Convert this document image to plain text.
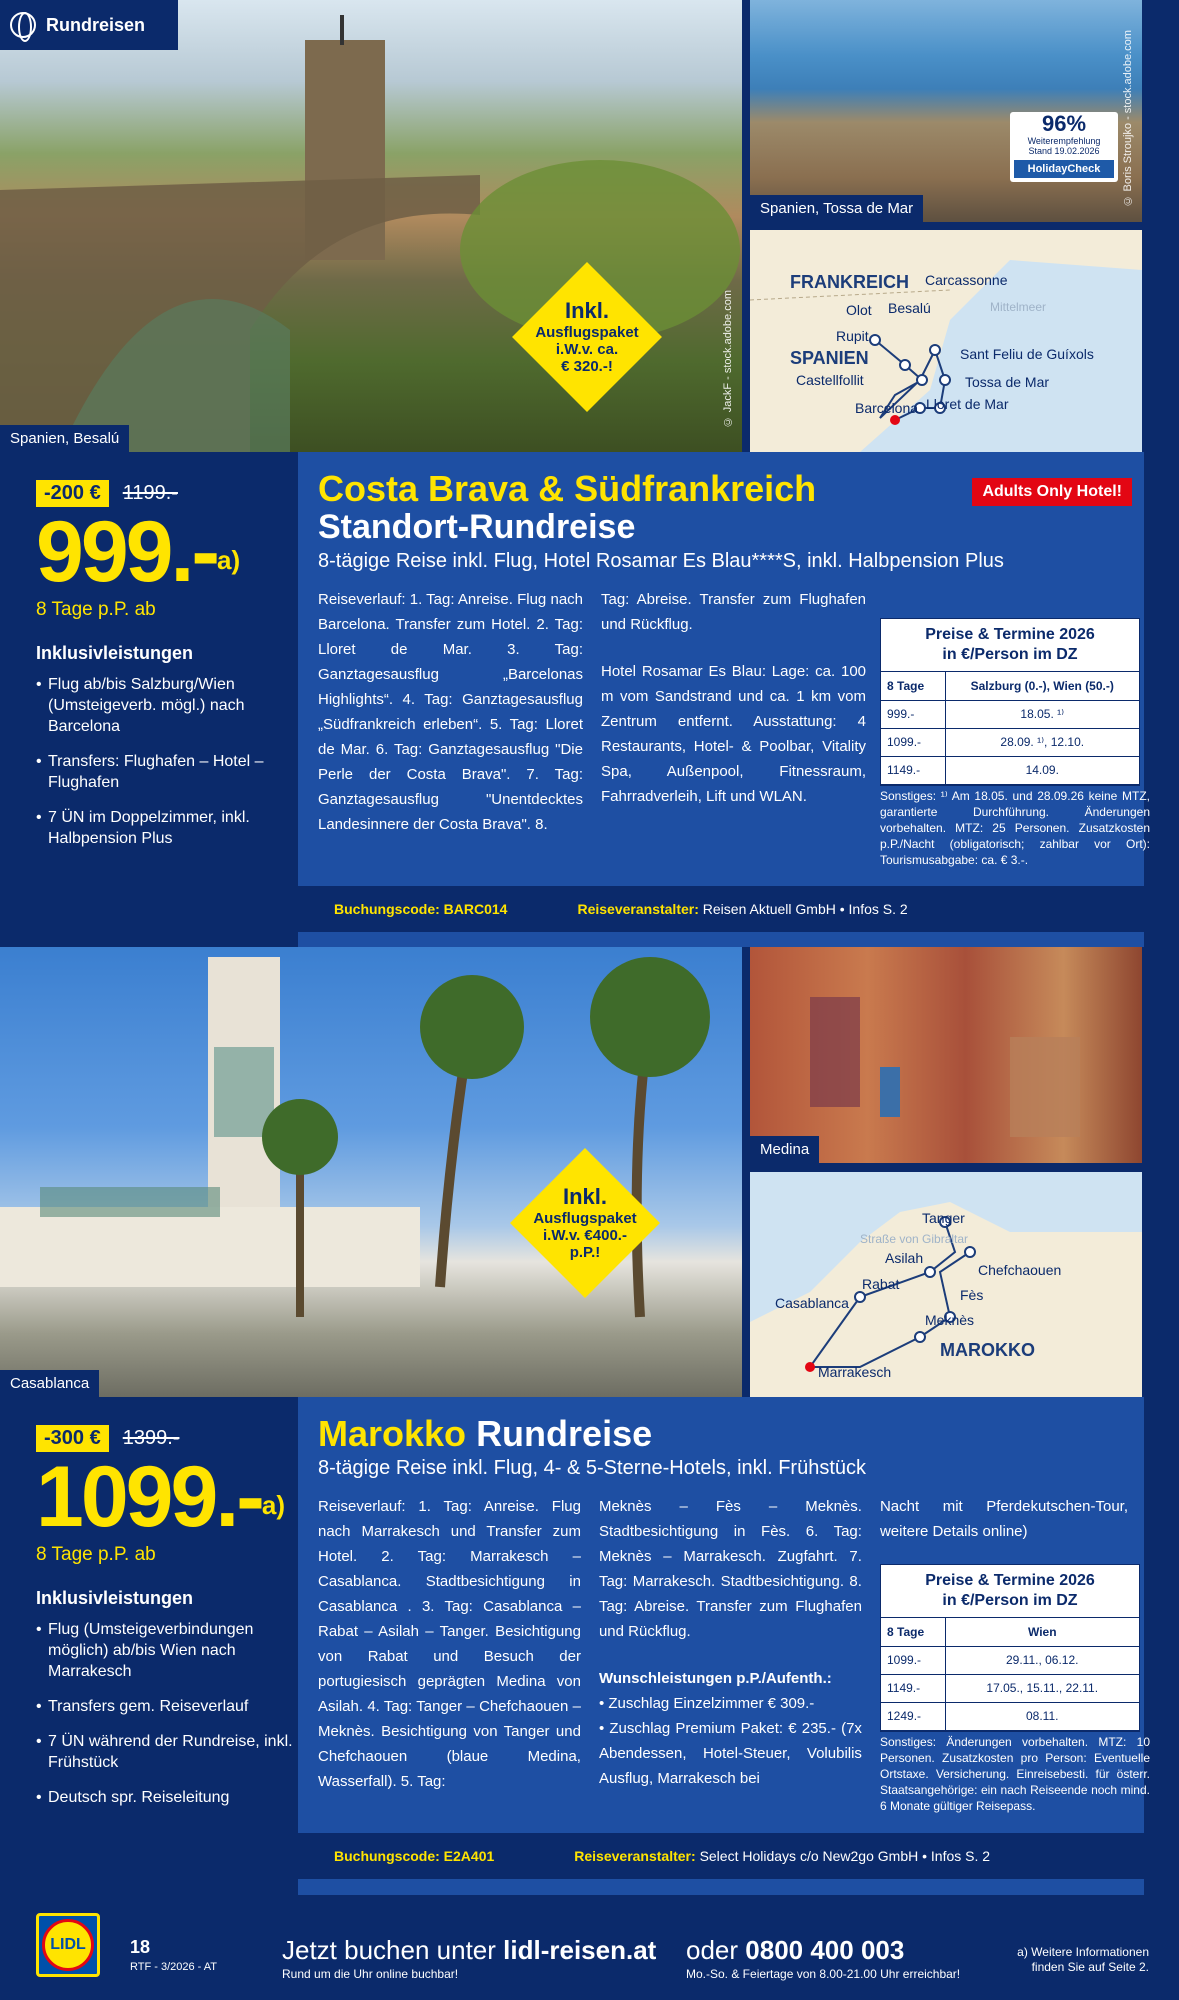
Spanien, Besalú
© JackF - stock.adobe.com
Rundreisen
Inkl.
Ausflugspaket
i.W.v. ca.
€ 320.-!
Spanien, Tossa de Mar
© Boris Stroujko - stock.adobe.com
96%
Weiterempfehlung
Stand 19.02.2026
HolidayCheck
FRANKREICH
SPANIEN
Mittelmeer
Carcassonne
Olot Besalú
Rupit
Castellfollit
Sant Feliu de Guíxols
Tossa de Mar
Barcelona Lloret de Mar
-200 €	1199.-
999.-$^{a)}$
8 Tage p.P. ab
Inklusivleistungen
• Flug ab/bis Salzburg/Wien (Umsteigeverb. mögl.) nach Barcelona
• Transfers: Flughafen – Hotel – Flughafen
• 7 ÜN im Doppelzimmer, inkl. Halbpension Plus
Costa Brava & Südfrankreich
Standort-Rundreise
8-tägige Reise inkl. Flug, Hotel Rosamar Es Blau****S, inkl. Halbpension Plus
Adults Only Hotel!
Reiseverlauf: 1. Tag: Anreise. Flug nach Barcelona. Transfer zum Hotel. 2. Tag: Lloret de Mar. 3. Tag: Ganztagesausflug „Barcelonas Highlights“. 4. Tag: Ganztagesausflug „Südfrankreich erleben“. 5. Tag: Lloret de Mar. 6. Tag: Ganztagesausflug "Die Perle der Costa Brava". 7. Tag: Ganztagesausflug "Unentdecktes Landesinnere der Costa Brava". 8.
Tag: Abreise. Transfer zum Flughafen und Rückflug.
Hotel Rosamar Es Blau: Lage: ca. 100 m vom Sandstrand und ca. 1 km vom Zentrum entfernt. Ausstattung: 4 Restaurants, Hotel- & Poolbar, Vitality Spa, Außenpool, Fitnessraum, Fahrradverleih, Lift und WLAN.
Preise & Termine 2026
in €/Person im DZ
8 Tage	Salzburg (0.-), Wien (50.-)
999.-	18.05. ¹⁾
1099.-	28.09. ¹⁾, 12.10.
1149.-	14.09.
Sonstiges: ¹⁾ Am 18.05. und 28.09.26 keine MTZ, garantierte Durchführung. Änderungen vorbehalten. MTZ: 25 Personen. Zusatzkosten p.P./Nacht (obligatorisch; zahlbar vor Ort): Tourismusabgabe: ca. € 3.-.
Buchungscode:
BARC014	Reiseveranstalter:
Reisen Aktuell GmbH • Infos S. 2
Casablanca
Inkl.
Ausflugspaket
i.W.v. €400.-
p.P.!
Medina
Straße von Gibraltar
MAROKKO
Tanger
Asilah
Chefchaouen
Rabat
Fès
Casablanca
Meknès
Marrakesch
-300 €	1399.-
1099.-$^{a)}$
8 Tage p.P. ab
Inklusivleistungen
• Flug (Umsteigeverbindungen möglich) ab/bis Wien nach Marrakesch
• Transfers gem. Reiseverlauf
• 7 ÜN während der Rundreise, inkl. Frühstück
• Deutsch spr. Reiseleitung
Marokko Rundreise
8-tägige Reise inkl. Flug, 4- & 5-Sterne-Hotels, inkl. Frühstück
Reiseverlauf: 1. Tag: Anreise. Flug nach Marrakesch und Transfer zum Hotel. 2. Tag: Marrakesch – Casablanca. Stadtbesichtigung in Casablanca . 3. Tag: Casablanca – Rabat – Asilah – Tanger. Besichtigung von Rabat und Besuch der portugiesisch geprägten Medina von Asilah. 4. Tag: Tanger – Chefchaouen – Meknès. Besichtigung von Tanger und Chefchaouen (blaue Medina, Wasserfall). 5. Tag:
Meknès – Fès – Meknès. Stadtbesichtigung in Fès. 6. Tag: Meknès – Marrakesch. Zugfahrt. 7. Tag: Marrakesch. Stadtbesichtigung. 8. Tag: Abreise. Transfer zum Flughafen und Rückflug.
Wunschleistungen p.P./Aufenth.:
• Zuschlag Einzelzimmer € 309.-
• Zuschlag Premium Paket: € 235.- (7x Abendessen, Hotel-Steuer, Volubilis Ausflug, Marrakesch bei
Nacht mit Pferdekutschen-Tour, weitere Details online)
Preise & Termine 2026
in €/Person im DZ
8 Tage	Wien
1099.-	29.11., 06.12.
1149.-	17.05., 15.11., 22.11.
1249.-	08.11.
Sonstiges: Änderungen vorbehalten. MTZ: 10 Personen. Zusatzkosten pro Person: Eventuelle Ortstaxe. Versicherung. Einreisebesti. für österr. Staatsangehörige: ein nach Reiseende noch mind. 6 Monate gültiger Reisepass.
Buchungscode:
E2A401	Reiseveranstalter:
Select Holidays c/o New2go GmbH • Infos S. 2
LIDL	18
RTF - 3/2026 - AT
Jetzt buchen unter lidl-reisen.at
Rund um die Uhr online buchbar!
oder 0800 400 003
Mo.-So. & Feiertage von 8.00-21.00 Uhr erreichbar!
a) Weitere Informationen
finden Sie auf Seite 2.
